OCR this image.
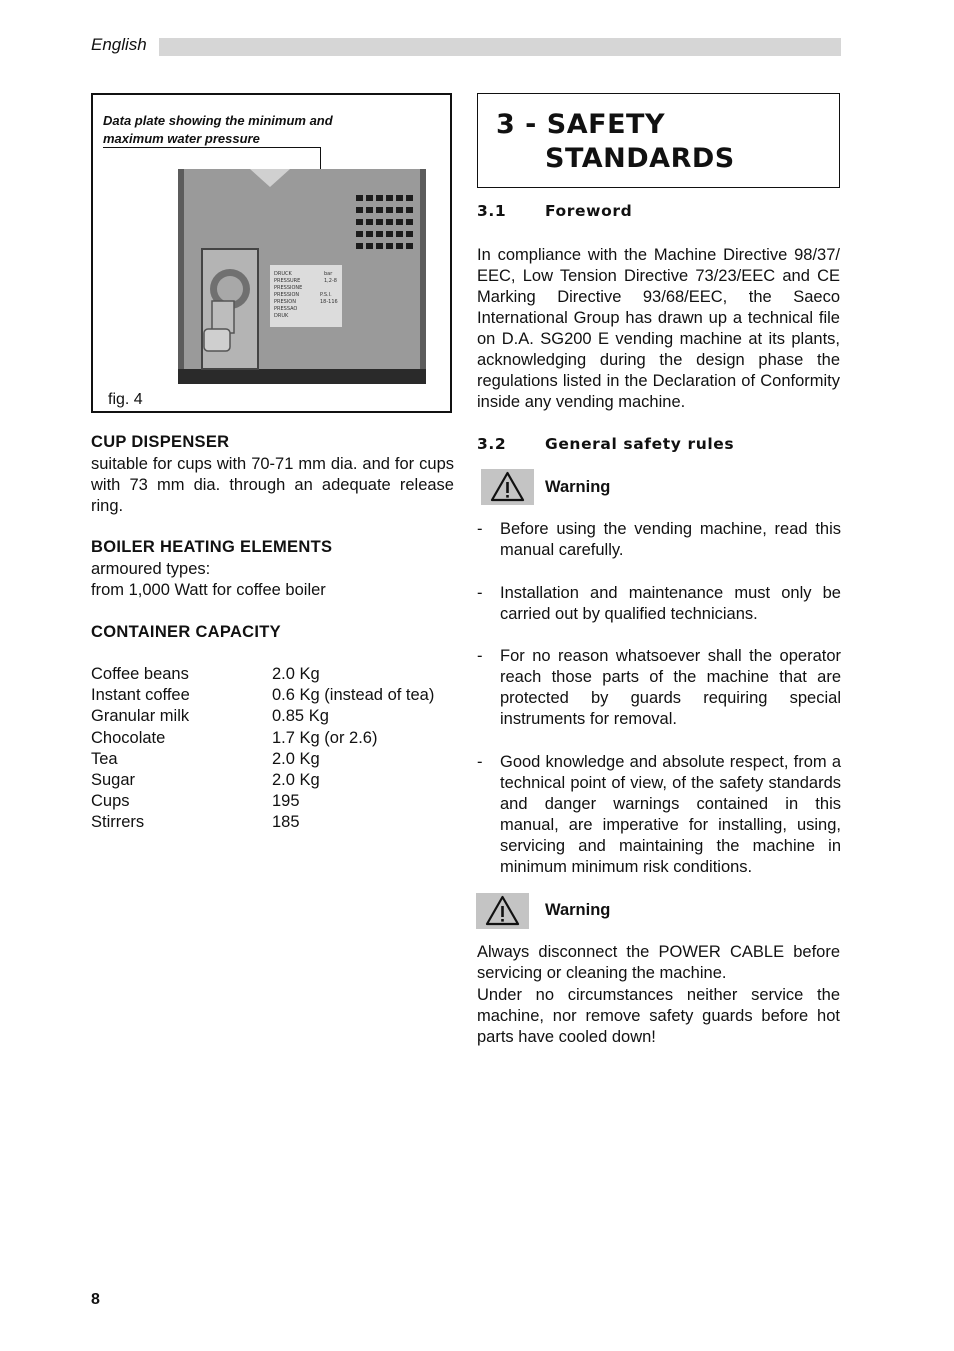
English
Data plate showing the minimum and maximum water pressure
DRUCK
PRESSURE
PRESSIONE
PRESSION
PRESION
PRESSAO
DRUK
bar
1,2-8
P.S.I.
18-116
fig. 4
CUP DISPENSER
suitable for cups with 70-71 mm dia. and for cups with 73 mm dia. through an adequate release ring.
BOILER HEATING ELEMENTS
armoured types:
from 1,000 Watt for coffee boiler
CONTAINER CAPACITY
Coffee beans	2.0 Kg
Instant coffee	0.6 Kg (instead of tea)
Granular milk	0.85 Kg
Chocolate	1.7 Kg (or 2.6)
Tea	2.0 Kg
Sugar	2.0 Kg
Cups	195
Stirrers	185
3 - SAFETY
STANDARDS
3.1 Foreword
In compliance with the Machine Directive 98/37/ EEC, Low Tension Directive 73/23/EEC and CE Marking Directive 93/68/EEC, the Saeco International Group has drawn up a technical file on D.A. SG200 E vending machine at its plants, acknowledging during the design phase the regulations listed in the Declaration of Conformity inside any vending machine.
3.2 General safety rules
Warning
- Before using the vending machine, read this manual carefully.
- Installation and maintenance must only be carried out by qualified technicians.
- For no reason whatsoever shall the operator reach those parts of the machine that are protected by guards requiring special instruments for removal.
- Good knowledge and absolute respect, from a technical point of view, of the safety standards and danger warnings contained in this manual, are imperative for installing, using, servicing and maintaining the machine in minimum minimum risk conditions.
Warning
Always disconnect the POWER CABLE before servicing or cleaning the machine.
Under no circumstances neither service the machine, nor remove safety guards before hot parts have cooled down!
8
